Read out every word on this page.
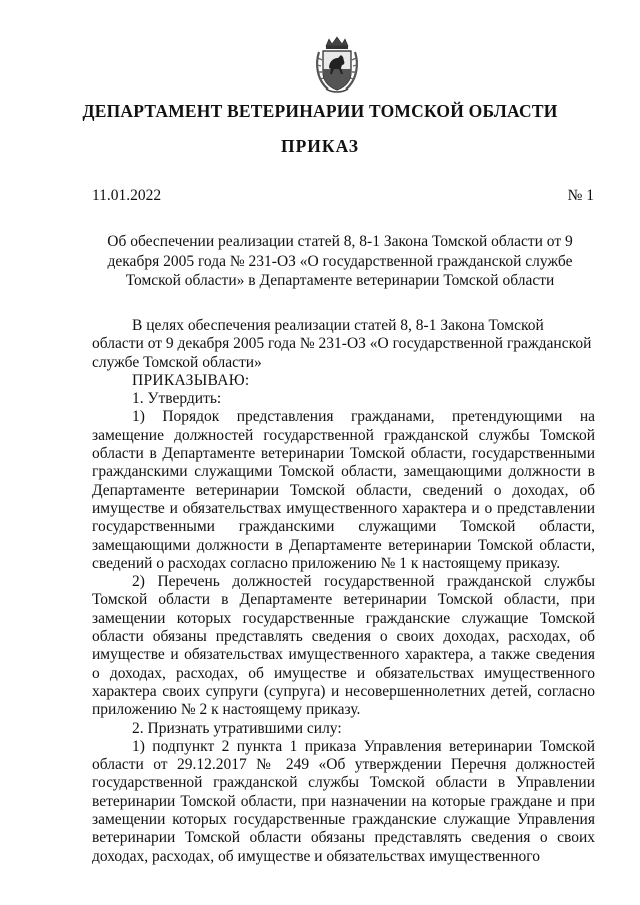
ДЕПАРТАМЕНТ ВЕТЕРИНАРИИ ТОМСКОЙ ОБЛАСТИ
ПРИКАЗ
11.01.2022	№ 1
Об обеспечении реализации статей 8, 8-1 Закона Томской области от 9 декабря 2005 года № 231-ОЗ «О государственной гражданской службе Томской области» в Департаменте ветеринарии Томской области

В целях обеспечения реализации статей 8, 8-1 Закона Томской области от 9 декабря 2005 года № 231-ОЗ «О государственной гражданской службе Томской области»

ПРИКАЗЫВАЮ:

1. Утвердить:

1) Порядок представления гражданами, претендующими на замещение должностей государственной гражданской службы Томской области в Департаменте ветеринарии Томской области, государственными гражданскими служащими Томской области, замещающими должности в Департаменте ветеринарии Томской области, сведений о доходах, об имуществе и обязательствах имущественного характера и о представлении государственными гражданскими служащими Томской области, замещающими должности в Департаменте ветеринарии Томской области, сведений о расходах согласно приложению № 1 к настоящему приказу.

2) Перечень должностей государственной гражданской службы Томской области в Департаменте ветеринарии Томской области, при замещении которых государственные гражданские служащие Томской области обязаны представлять сведения о своих доходах, расходах, об имуществе и обязательствах имущественного характера, а также сведения о доходах, расходах, об имуществе и обязательствах имущественного характера своих супруги (супруга) и несовершеннолетних детей, согласно приложению № 2 к настоящему приказу.

2. Признать утратившими силу:

1) подпункт 2 пункта 1 приказа Управления ветеринарии Томской области от 29.12.2017 № 249 «Об утверждении Перечня должностей государственной гражданской службы Томской области в Управлении ветеринарии Томской области, при назначении на которые граждане и при замещении которых государственные гражданские служащие Управления ветеринарии Томской области обязаны представлять сведения о своих доходах, расходах, об имуществе и обязательствах имущественного
